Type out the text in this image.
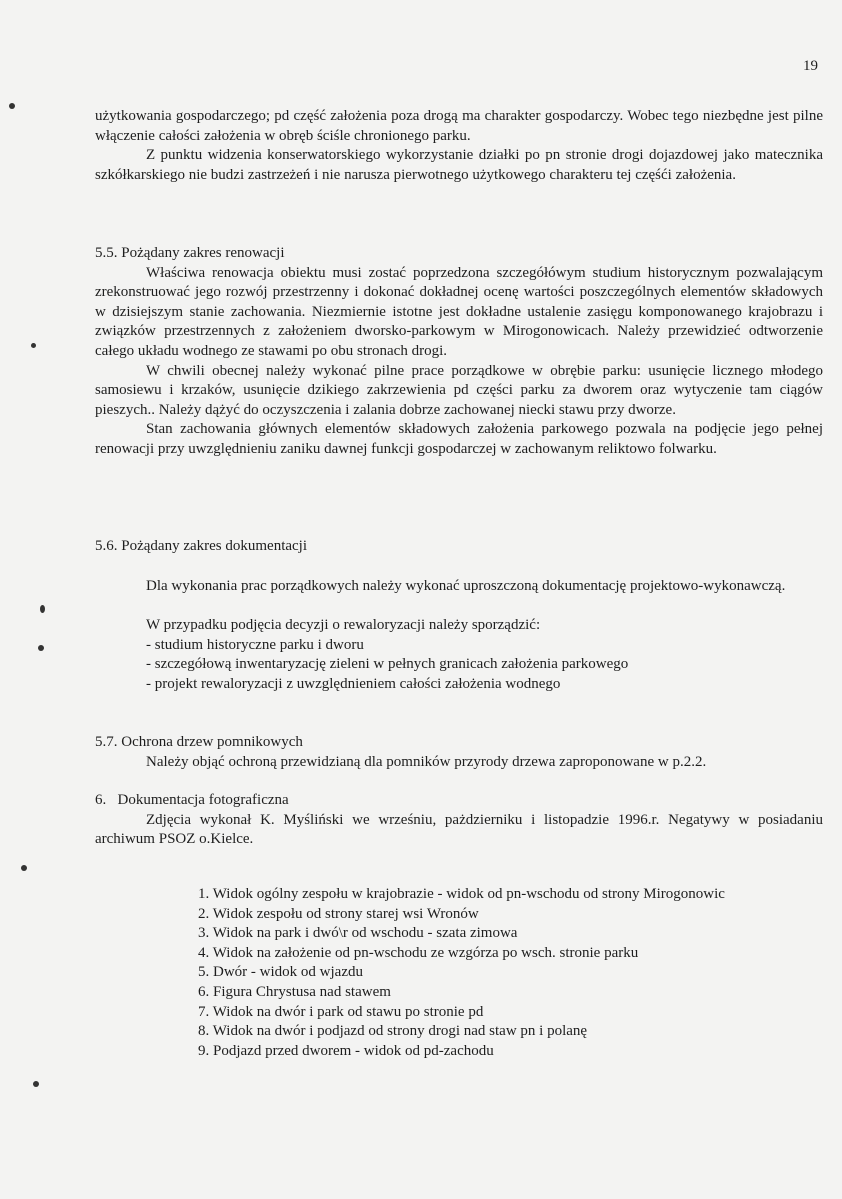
19

użytkowania gospodarczego; pd część założenia poza drogą ma charakter gospodarczy. Wobec tego niezbędne jest pilne włączenie całości założenia w obręb ściśle chronionego parku.

Z punktu widzenia konserwatorskiego wykorzystanie działki po pn stronie drogi dojazdowej jako matecznika szkółkarskiego nie budzi zastrzeżeń i nie narusza pierwotnego użytkowego charakteru tej częśći założenia.

5.5. Pożądany zakres renowacji

Właściwa renowacja obiektu musi zostać poprzedzona szczegółówym studium historycznym pozwalającym zrekonstruować jego rozwój przestrzenny i dokonać dokładnej ocenę wartości poszczególnych elementów składowych w dzisiejszym stanie zachowania. Niezmiernie istotne jest dokładne ustalenie zasięgu komponowanego krajobrazu i związków przestrzennych z założeniem dworsko-parkowym w Mirogonowicach. Należy przewidzieć odtworzenie całego układu wodnego ze stawami po obu stronach drogi.

W chwili obecnej należy wykonać pilne prace porządkowe w obrębie parku: usunięcie licznego młodego samosiewu i krzaków, usunięcie dzikiego zakrzewienia pd części parku za dworem oraz wytyczenie tam ciągów pieszych.. Należy dążyć do oczyszczenia i zalania dobrze zachowanej niecki stawu przy dworze.

Stan zachowania głównych elementów składowych założenia parkowego pozwala na podjęcie jego pełnej renowacji przy uwzględnieniu zaniku dawnej funkcji gospodarczej w zachowanym reliktowo folwarku.

5.6. Pożądany zakres dokumentacji

Dla wykonania prac porządkowych należy wykonać uproszczoną dokumentację projektowo-wykonawczą.

W przypadku podjęcia decyzji o rewaloryzacji należy sporządzić:

- studium historyczne parku i dworu

- szczegółową inwentaryzację zieleni w pełnych granicach założenia parkowego

- projekt rewaloryzacji z uwzględnieniem całości założenia wodnego

5.7. Ochrona drzew pomnikowych

Należy objąć ochroną przewidzianą dla pomników przyrody drzewa zaproponowane w p.2.2.

6.   Dokumentacja fotograficzna

Zdjęcia wykonał K. Myśliński we wrześniu, pażdzierniku i listopadzie 1996.r. Negatywy w posiadaniu archiwum PSOZ o.Kielce.

1. Widok ogólny zespołu w krajobrazie - widok od pn-wschodu od strony Mirogonowic
2. Widok zespołu od strony starej wsi Wronów
3. Widok na park i dwó\r od wschodu - szata zimowa
4. Widok na założenie od pn-wschodu ze wzgórza po wsch. stronie parku
5. Dwór - widok od wjazdu
6. Figura Chrystusa nad stawem
7. Widok na dwór i park od stawu po stronie pd
8. Widok na dwór i podjazd od strony drogi nad staw pn i polanę
9. Podjazd przed dworem - widok od pd-zachodu
